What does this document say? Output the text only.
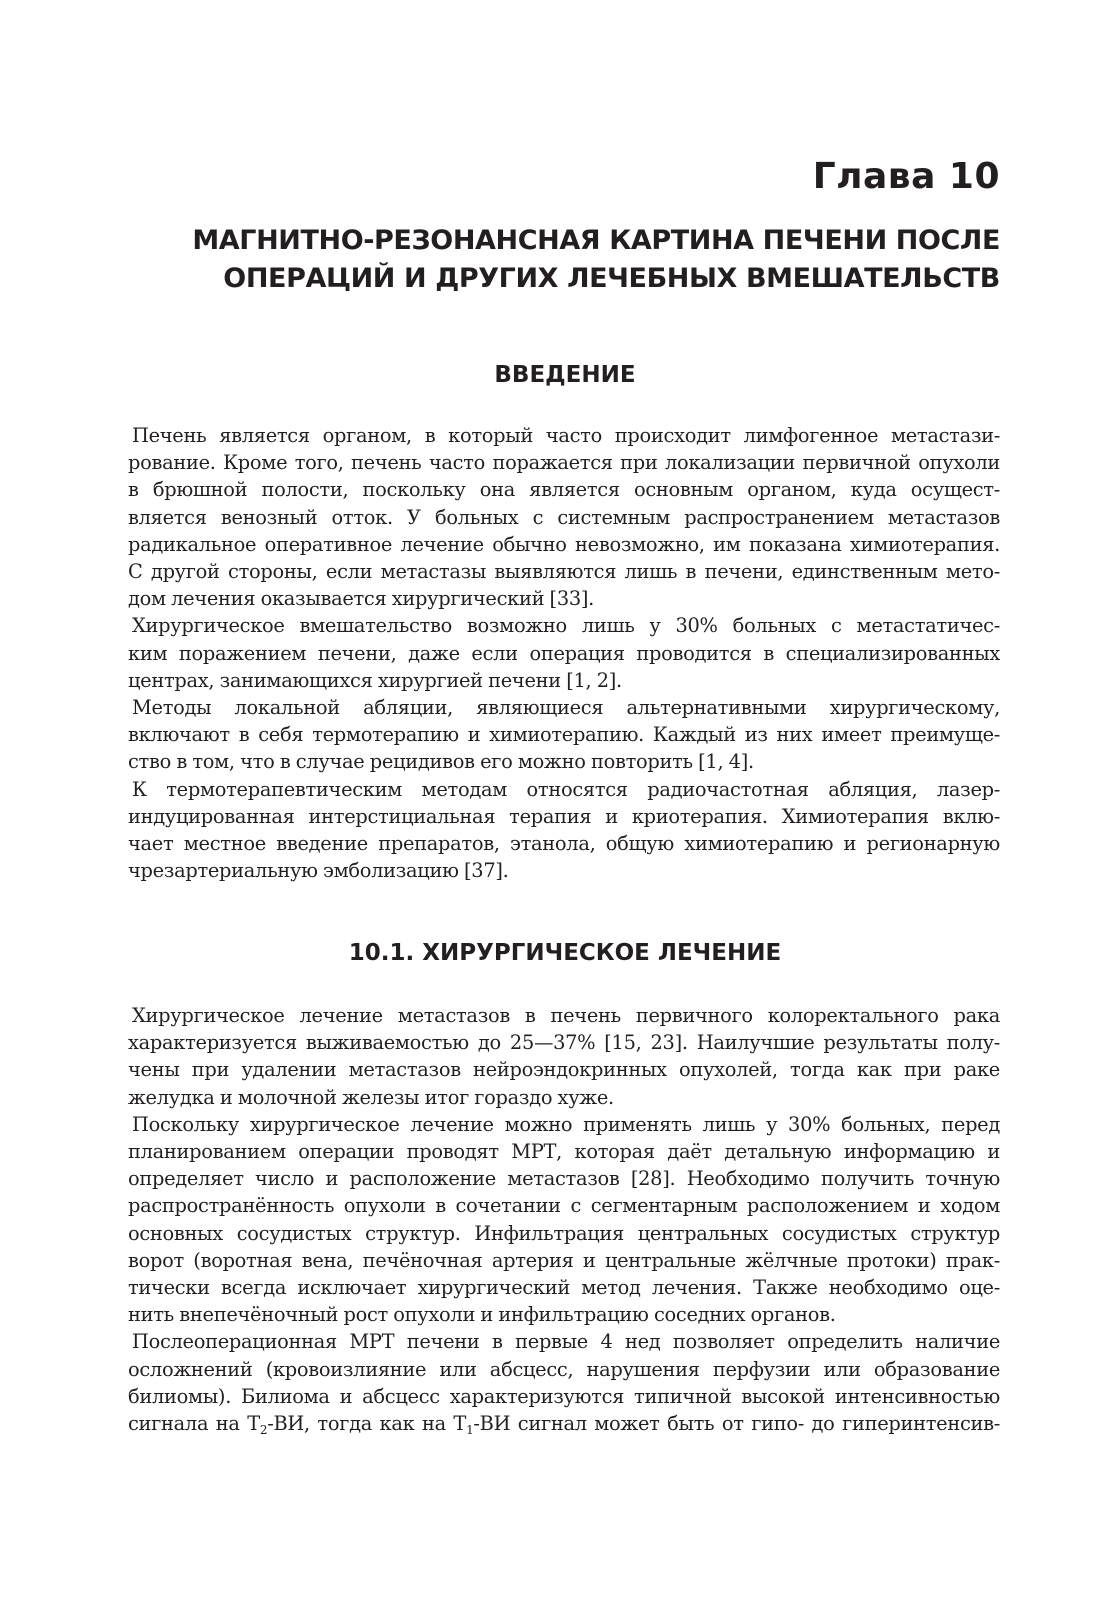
Глава 10
МАГНИТНО-РЕЗОНАНСНАЯ КАРТИНА ПЕЧЕНИ ПОСЛЕ
ОПЕРАЦИЙ И ДРУГИХ ЛЕЧЕБНЫХ ВМЕШАТЕЛЬСТВ
ВВЕДЕНИЕ
Печень является органом, в который часто происходит лимфогенное метастази-
рование. Кроме того, печень часто поражается при локализации первичной опухоли
в брюшной полости, поскольку она является основным органом, куда осущест-
вляется венозный отток. У больных с системным распространением метастазов
радикальное оперативное лечение обычно невозможно, им показана химиотерапия.
С другой стороны, если метастазы выявляются лишь в печени, единственным мето-
дом лечения оказывается хирургический [33].
Хирургическое вмешательство возможно лишь у 30% больных с метастатичес-
ким поражением печени, даже если операция проводится в специализированных
центрах, занимающихся хирургией печени [1, 2].
Методы локальной абляции, являющиеся альтернативными хирургическому,
включают в себя термотерапию и химиотерапию. Каждый из них имеет преимуще-
ство в том, что в случае рецидивов его можно повторить [1, 4].
К термотерапевтическим методам относятся радиочастотная абляция, лазер-
индуцированная интерстициальная терапия и криотерапия. Химиотерапия вклю-
чает местное введение препаратов, этанола, общую химиотерапию и регионарную
чрезартериальную эмболизацию [37].
10.1. ХИРУРГИЧЕСКОЕ ЛЕЧЕНИЕ
Хирургическое лечение метастазов в печень первичного колоректального рака
характеризуется выживаемостью до 25—37% [15, 23]. Наилучшие результаты полу-
чены при удалении метастазов нейроэндокринных опухолей, тогда как при раке
желудка и молочной железы итог гораздо хуже.
Поскольку хирургическое лечение можно применять лишь у 30% больных, перед
планированием операции проводят МРТ, которая даёт детальную информацию и
определяет число и расположение метастазов [28]. Необходимо получить точную
распространённость опухоли в сочетании с сегментарным расположением и ходом
основных сосудистых структур. Инфильтрация центральных сосудистых структур
ворот (воротная вена, печёночная артерия и центральные жёлчные протоки) прак-
тически всегда исключает хирургический метод лечения. Также необходимо оце-
нить внепечёночный рост опухоли и инфильтрацию соседних органов.
Послеоперационная МРТ печени в первые 4 нед позволяет определить наличие
осложнений (кровоизлияние или абсцесс, нарушения перфузии или образование
билиомы). Билиома и абсцесс характеризуются типичной высокой интенсивностью
сигнала на $Т_2-ВИ$, тогда как на $Т_1-ВИ$ сигнал может быть от гипо- до гиперинтенсив-
